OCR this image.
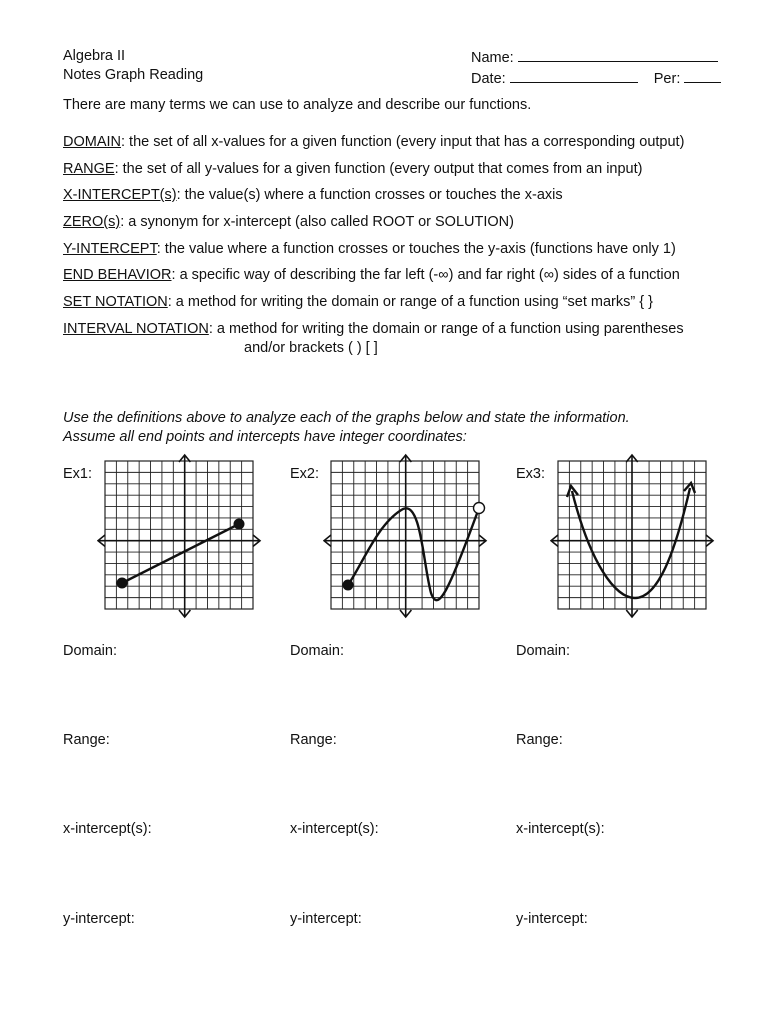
Algebra II
Notes Graph Reading
Name:
Date:	Per:
There are many terms we can use to analyze and describe our functions.
DOMAIN: the set of all x-values for a given function (every input that has a corresponding output)
RANGE: the set of all y-values for a given function (every output that comes from an input)
X-INTERCEPT(s): the value(s) where a function crosses or touches the x-axis
ZERO(s): a synonym for x-intercept (also called ROOT or SOLUTION)
Y-INTERCEPT: the value where a function crosses or touches the y-axis (functions have only 1)
END BEHAVIOR: a specific way of describing the far left (-∞) and far right (∞) sides of a function
SET NOTATION: a method for writing the domain or range of a function using “set marks” { }
INTERVAL NOTATION: a method for writing the domain or range of a function using parentheses
and/or brackets ( ) [ ]
Use the definitions above to analyze each of the graphs below and state the information.
Assume all end points and intercepts have integer coordinates:
Ex1:	Ex2:	Ex3:
Domain:	Domain:	Domain:
Range:	Range:	Range:
x-intercept(s):	x-intercept(s):	x-intercept(s):
y-intercept:	y-intercept:	y-intercept:
